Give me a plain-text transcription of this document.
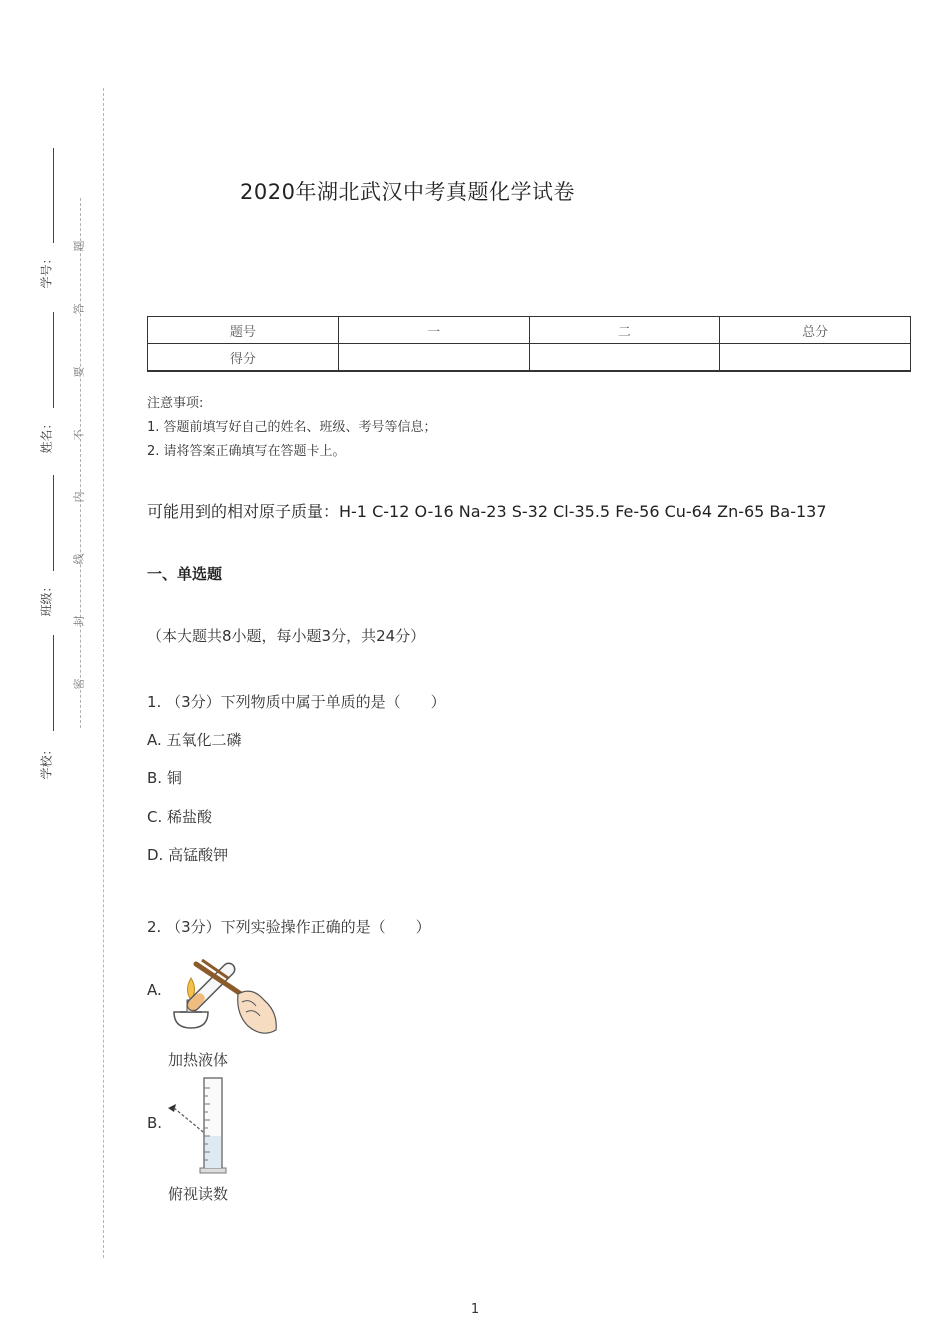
学号：
姓名：
班级：
学校：
题
答
要
不
内
线
封
密
2020年湖北武汉中考真题化学试卷
题号	一	二	总分
得分			
注意事项:
1. 答题前填写好自己的姓名、班级、考号等信息；
2. 请将答案正确填写在答题卡上。
可能用到的相对原子质量：H-1 C-12 O-16 Na-23 S-32 Cl-35.5 Fe-56 Cu-64 Zn-65 Ba-137
一、单选题
（本大题共8小题，每小题3分，共24分）
1. （3分）下列物质中属于单质的是（　　）
A. 五氧化二磷
B. 铜
C. 稀盐酸
D. 高锰酸钾
2. （3分）下列实验操作正确的是（　　）
A.
加热液体
B.
俯视读数
1
